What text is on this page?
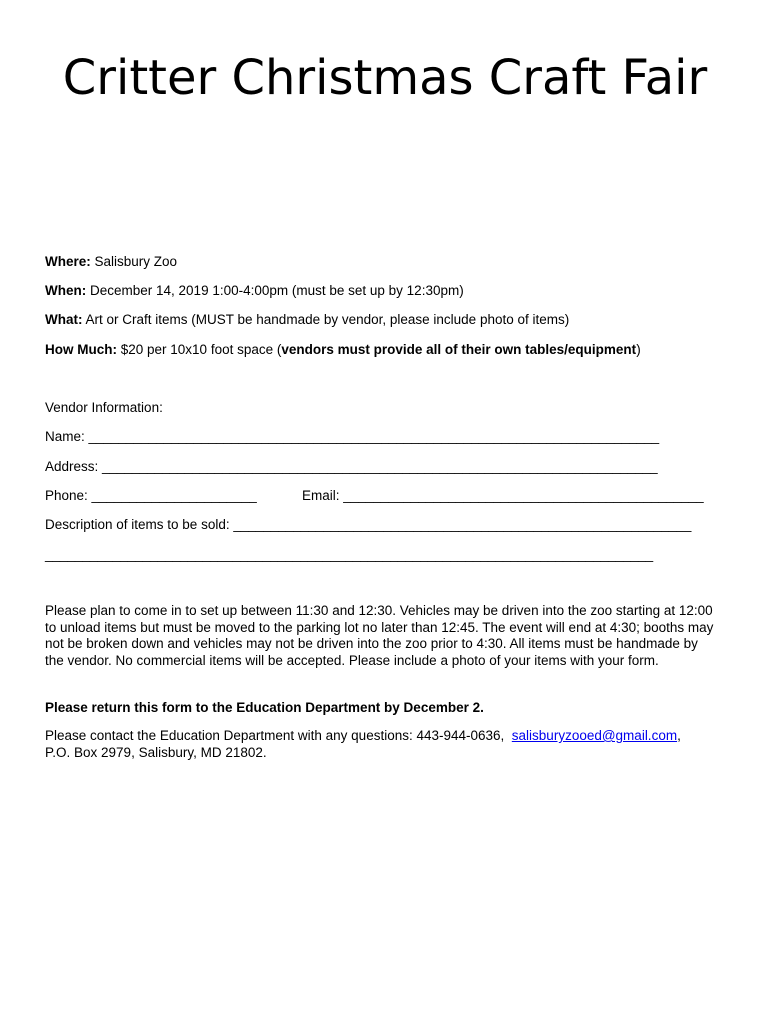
Critter Christmas Craft Fair
Where: Salisbury Zoo
When: December 14, 2019 1:00-4:00pm (must be set up by 12:30pm)
What: Art or Craft items (MUST be handmade by vendor, please include photo of items)
How Much: $20 per 10x10 foot space (vendors must provide all of their own tables/equipment)
Vendor Information:
Name: ____________________________________________________________________________
Address: __________________________________________________________________________
Phone: ______________________	Email: ________________________________________________
Description of items to be sold: _____________________________________________________________
_________________________________________________________________________________

Please plan to come in to set up between 11:30 and 12:30. Vehicles may be driven into the zoo starting at 12:00 to unload items but must be moved to the parking lot no later than 12:45. The event will end at 4:30; booths may not be broken down and vehicles may not be driven into the zoo prior to 4:30. All items must be handmade by the vendor. No commercial items will be accepted. Please include a photo of your items with your form.

Please return this form to the Education Department by December 2.

Please contact the Education Department with any questions: 443-944-0636,  salisburyzooed@gmail.com,
P.O. Box 2979, Salisbury, MD 21802.
